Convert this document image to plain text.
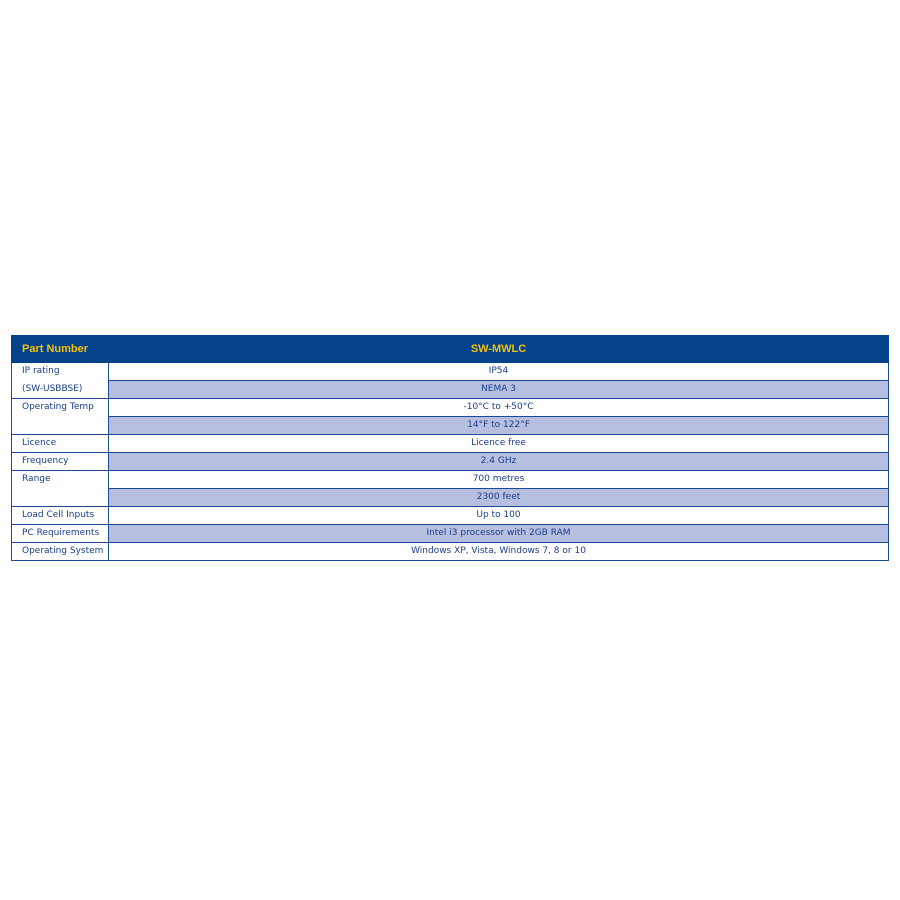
Part Number	SW-MWLC
IP rating	IP54
(SW-USBBSE)	NEMA 3
Operating Temp	-10°C to +50°C
	14°F to 122°F
Licence	Licence free
Frequency	2.4 GHz
Range	700 metres
	2300 feet
Load Cell Inputs	Up to 100
PC Requirements	Intel i3 processor with 2GB RAM
Operating System	Windows XP, Vista, Windows 7, 8 or 10
